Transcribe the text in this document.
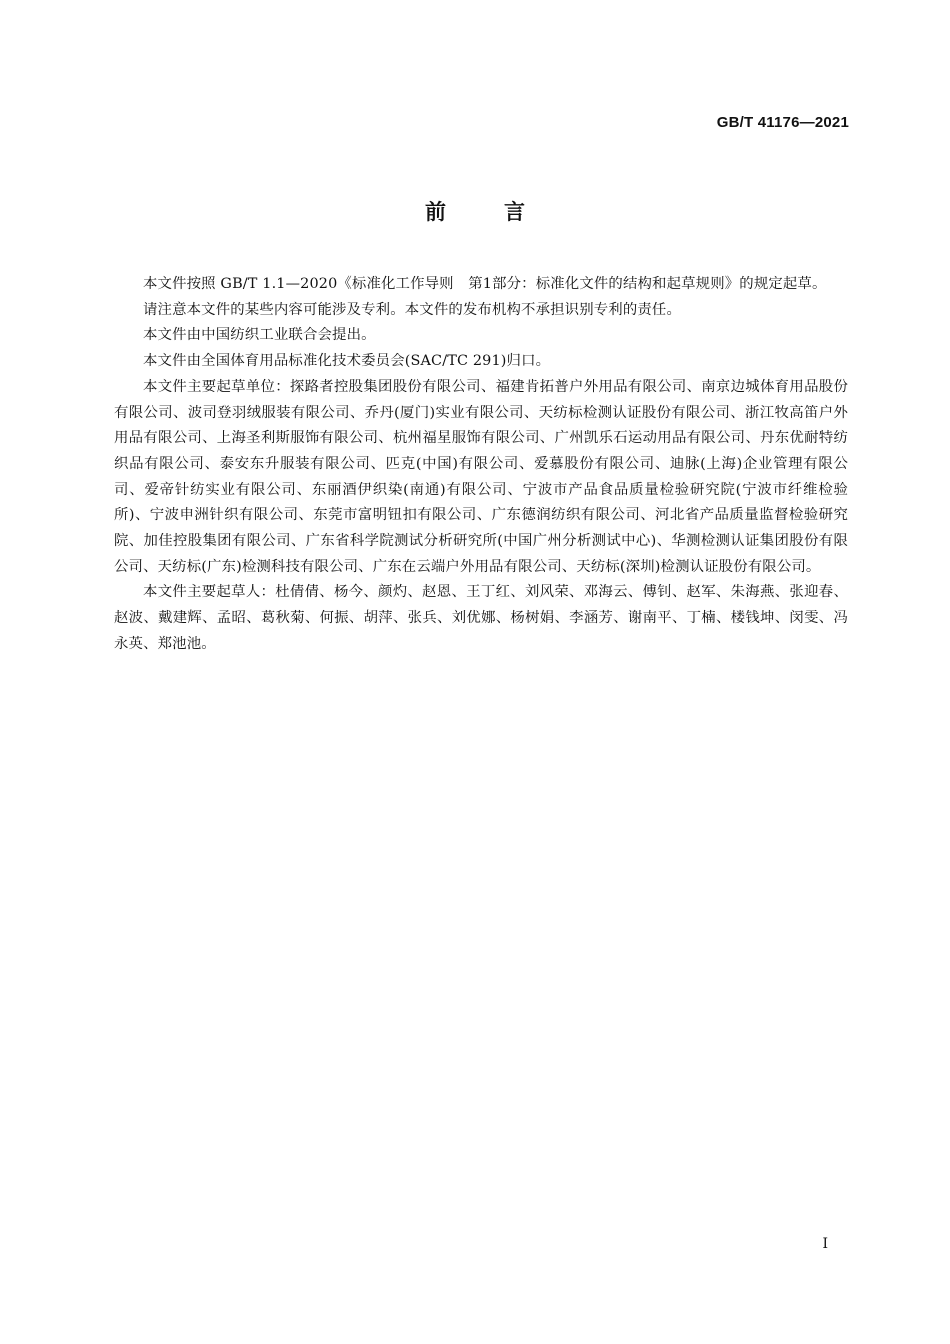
GB/T 41176—2021
前	言

本文件按照 GB/T 1.1—2020《标准化工作导则　第1部分：标准化文件的结构和起草规则》的规定起草。

请注意本文件的某些内容可能涉及专利。本文件的发布机构不承担识别专利的责任。

本文件由中国纺织工业联合会提出。

本文件由全国体育用品标准化技术委员会(SAC/TC 291)归口。

本文件主要起草单位：探路者控股集团股份有限公司、福建肯拓普户外用品有限公司、南京边城体育用品股份有限公司、波司登羽绒服装有限公司、乔丹(厦门)实业有限公司、天纺标检测认证股份有限公司、浙江牧高笛户外用品有限公司、上海圣利斯服饰有限公司、杭州福星服饰有限公司、广州凯乐石运动用品有限公司、丹东优耐特纺织品有限公司、泰安东升服装有限公司、匹克(中国)有限公司、爱慕股份有限公司、迪脉(上海)企业管理有限公司、爱帝针纺实业有限公司、东丽酒伊织染(南通)有限公司、宁波市产品食品质量检验研究院(宁波市纤维检验所)、宁波申洲针织有限公司、东莞市富明钮扣有限公司、广东德润纺织有限公司、河北省产品质量监督检验研究院、加佳控股集团有限公司、广东省科学院测试分析研究所(中国广州分析测试中心)、华测检测认证集团股份有限公司、天纺标(广东)检测科技有限公司、广东在云端户外用品有限公司、天纺标(深圳)检测认证股份有限公司。

本文件主要起草人：杜倩倩、杨今、颜灼、赵恩、王丁红、刘风荣、邓海云、傅钊、赵军、朱海燕、张迎春、赵波、戴建辉、孟昭、葛秋菊、何振、胡萍、张兵、刘优娜、杨树娟、李涵芳、谢南平、丁楠、楼钱坤、闵雯、冯永英、郑池池。

I
